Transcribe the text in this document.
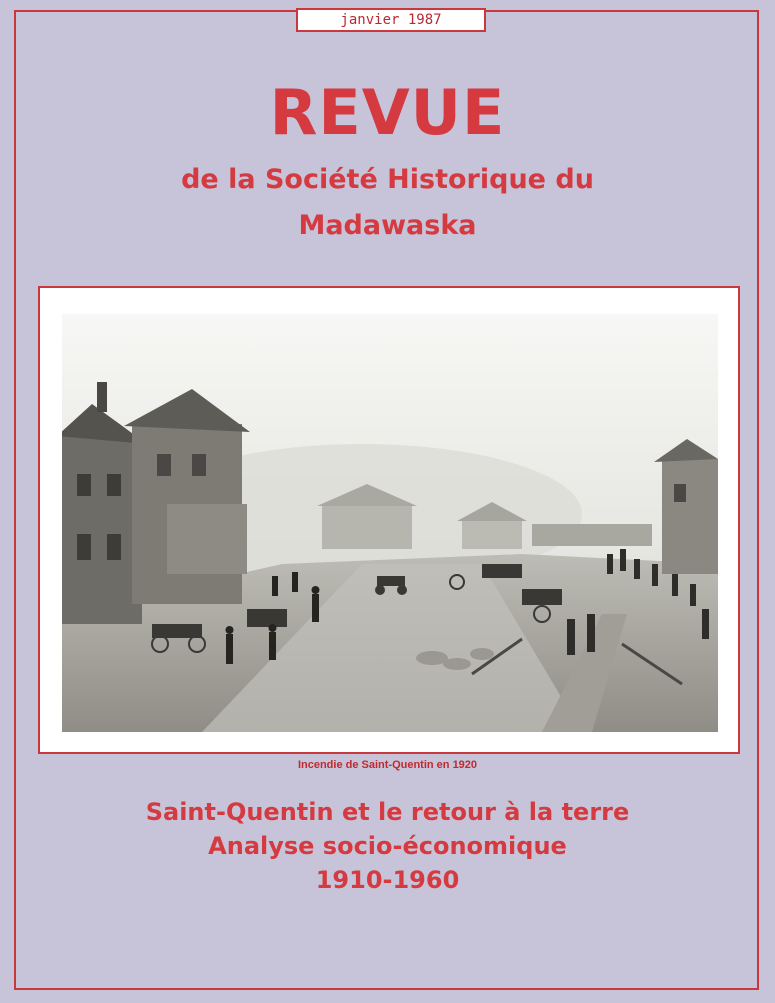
janvier 1987
REVUE
de la Société Historique du
Madawaska
Incendie de Saint-Quentin en 1920
Saint-Quentin et le retour à la terre
Analyse socio-économique
1910-1960
